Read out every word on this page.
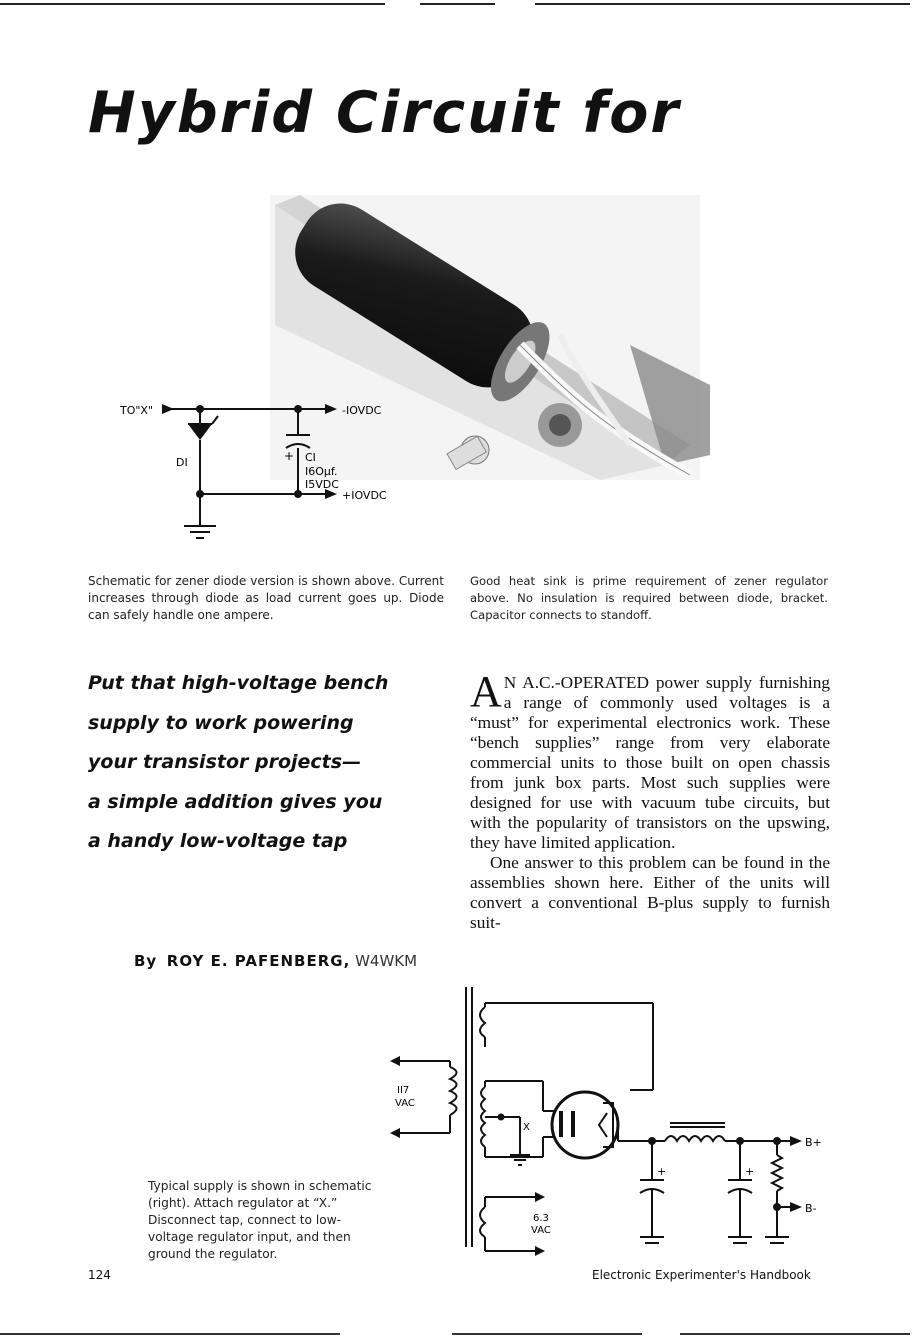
Hybrid Circuit for
TO"X"	-IOVDC
+IOVDC
DI	+ CI
I6Oµf.
I5VDC
Schematic for zener diode version is shown above. Current increases through diode as load current goes up. Diode can safely handle one ampere.
Good heat sink is prime requirement of zener regulator above. No insulation is required between diode, bracket. Capacitor connects to standoff.
Put that high-voltage bench
supply to work powering
your transistor projects—
a simple addition gives you
a handy low-voltage tap
By ROY E. PAFENBERG, W4WKM

A N A.C.-OPERATED power supply furnishing a range of commonly used voltages is a “must” for experimental electronics work. These “bench supplies” range from very elaborate commercial units to those built on open chassis from junk box parts. Most such supplies were designed for use with vacuum tube circuits, but with the popularity of transistors on the upswing, they have limited application.

One answer to this problem can be found in the assemblies shown here. Either of the units will convert a conventional B-plus supply to furnish suit-

II7
VAC
X
6.3
VAC
B+
B-
+	+
Typical supply is shown in schematic (right). Attach regulator at “X.” Disconnect tap, connect to low-voltage regulator input, and then ground the regulator.
124	Electronic Experimenter's Handbook
